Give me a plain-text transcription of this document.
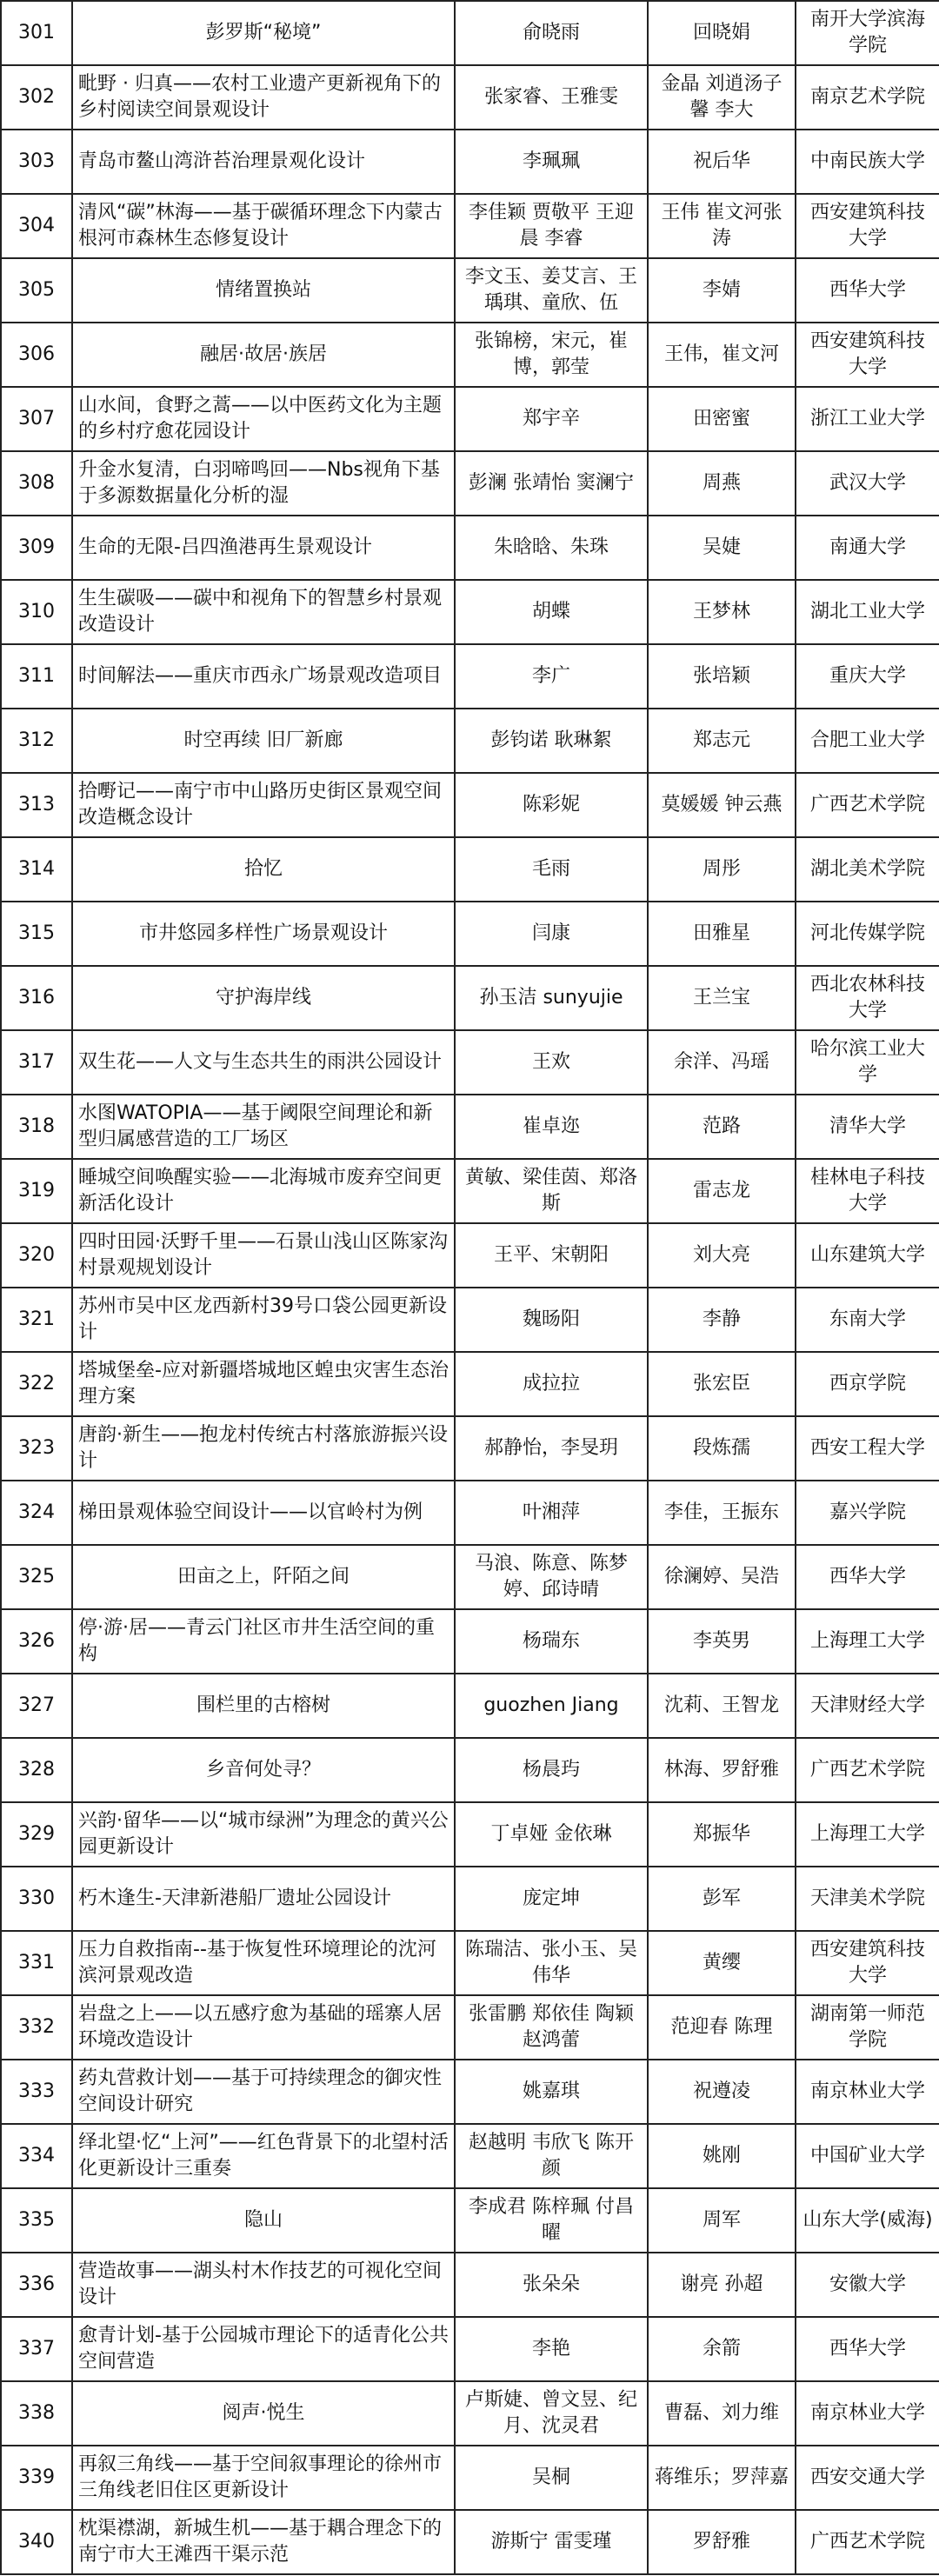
301	彭罗斯“秘境”	俞晓雨	回晓娟	南开大学滨海学院
302	毗野 · 归真——农村工业遗产更新视角下的乡村阅读空间景观设计	张家睿、王雅雯	金晶 刘逍汤子馨 李大	南京艺术学院
303	青岛市鳌山湾浒苔治理景观化设计	李珮珮	祝后华	中南民族大学
304	清风“碳”林海——基于碳循环理念下内蒙古根河市森林生态修复设计	李佳颖 贾敬平 王迎晨 李睿	王伟 崔文河张涛	西安建筑科技大学
305	情绪置换站	李文玉、姜艾言、王瑀琪、童欣、伍	李婧	西华大学
306	融居·故居·族居	张锦榜，宋元，崔博，郭莹	王伟，崔文河	西安建筑科技大学
307	山水间，食野之蒿——以中医药文化为主题的乡村疗愈花园设计	郑宇辛	田密蜜	浙江工业大学
308	升金水复清，白羽啼鸣回——Nbs视角下基于多源数据量化分析的湿	彭澜 张靖怡 窦澜宁	周燕	武汉大学
309	生命的无限-吕四渔港再生景观设计	朱晗晗、朱珠	吴婕	南通大学
310	生生碳吸——碳中和视角下的智慧乡村景观改造设计	胡蝶	王梦林	湖北工业大学
311	时间解法——重庆市西永广场景观改造项目	李广	张培颖	重庆大学
312	时空再续 旧厂新廊	彭钧诺 耿琳絮	郑志元	合肥工业大学
313	拾嘢记——南宁市中山路历史街区景观空间改造概念设计	陈彩妮	莫媛媛 钟云燕	广西艺术学院
314	拾忆	毛雨	周彤	湖北美术学院
315	市井悠园多样性广场景观设计	闫康	田雅星	河北传媒学院
316	守护海岸线	孙玉洁 sunyujie	王兰宝	西北农林科技大学
317	双生花——人文与生态共生的雨洪公园设计	王欢	余洋、冯瑶	哈尔滨工业大学
318	水图WATOPIA——基于阈限空间理论和新型归属感营造的工厂场区	崔卓迩	范路	清华大学
319	睡城空间唤醒实验——北海城市废弃空间更新活化设计	黄敏、梁佳茵、郑洛斯	雷志龙	桂林电子科技大学
320	四时田园·沃野千里——石景山浅山区陈家沟村景观规划设计	王平、宋朝阳	刘大亮	山东建筑大学
321	苏州市吴中区龙西新村39号口袋公园更新设计	魏旸阳	李静	东南大学
322	塔城堡垒-应对新疆塔城地区蝗虫灾害生态治理方案	成拉拉	张宏臣	西京学院
323	唐韵·新生——抱龙村传统古村落旅游振兴设计	郝静怡，李旻玥	段炼孺	西安工程大学
324	梯田景观体验空间设计——以官岭村为例	叶湘萍	李佳，王振东	嘉兴学院
325	田亩之上，阡陌之间	马浪、陈意、陈梦婷、邱诗晴	徐澜婷、吴浩	西华大学
326	停·游·居——青云门社区市井生活空间的重构	杨瑞东	李英男	上海理工大学
327	围栏里的古榕树	guozhen Jiang	沈莉、王智龙	天津财经大学
328	乡音何处寻？	杨晨玙	林海、罗舒雅	广西艺术学院
329	兴韵·留华——以“城市绿洲”为理念的黄兴公园更新设计	丁卓娅 金依琳	郑振华	上海理工大学
330	朽木逢生-天津新港船厂遗址公园设计	庞定坤	彭军	天津美术学院
331	压力自救指南--基于恢复性环境理论的沈河滨河景观改造	陈瑞洁、张小玉、吴伟华	黄缨	西安建筑科技大学
332	岩盘之上——以五感疗愈为基础的瑶寨人居环境改造设计	张雷鹏 郑依佳 陶颖 赵鸿蕾	范迎春 陈理	湖南第一师范学院
333	药丸营救计划——基于可持续理念的御灾性空间设计研究	姚嘉琪	祝遵凌	南京林业大学
334	绎北望·忆“上河”——红色背景下的北望村活化更新设计三重奏	赵越明 韦欣飞 陈开颜	姚刚	中国矿业大学
335	隐山	李成君 陈梓珮 付昌曜	周军	山东大学(威海)
336	营造故事——湖头村木作技艺的可视化空间设计	张朵朵	谢亮 孙超	安徽大学
337	愈青计划-基于公园城市理论下的适青化公共空间营造	李艳	余箭	西华大学
338	阅声·悦生	卢斯婕、曾文昱、纪月、沈灵君	曹磊、刘力维	南京林业大学
339	再叙三角线——基于空间叙事理论的徐州市三角线老旧住区更新设计	吴桐	蒋维乐；罗萍嘉	西安交通大学
340	枕渠襟湖，新城生机——基于耦合理念下的南宁市大王滩西干渠示范	游斯宁 雷雯瑾	罗舒雅	广西艺术学院
